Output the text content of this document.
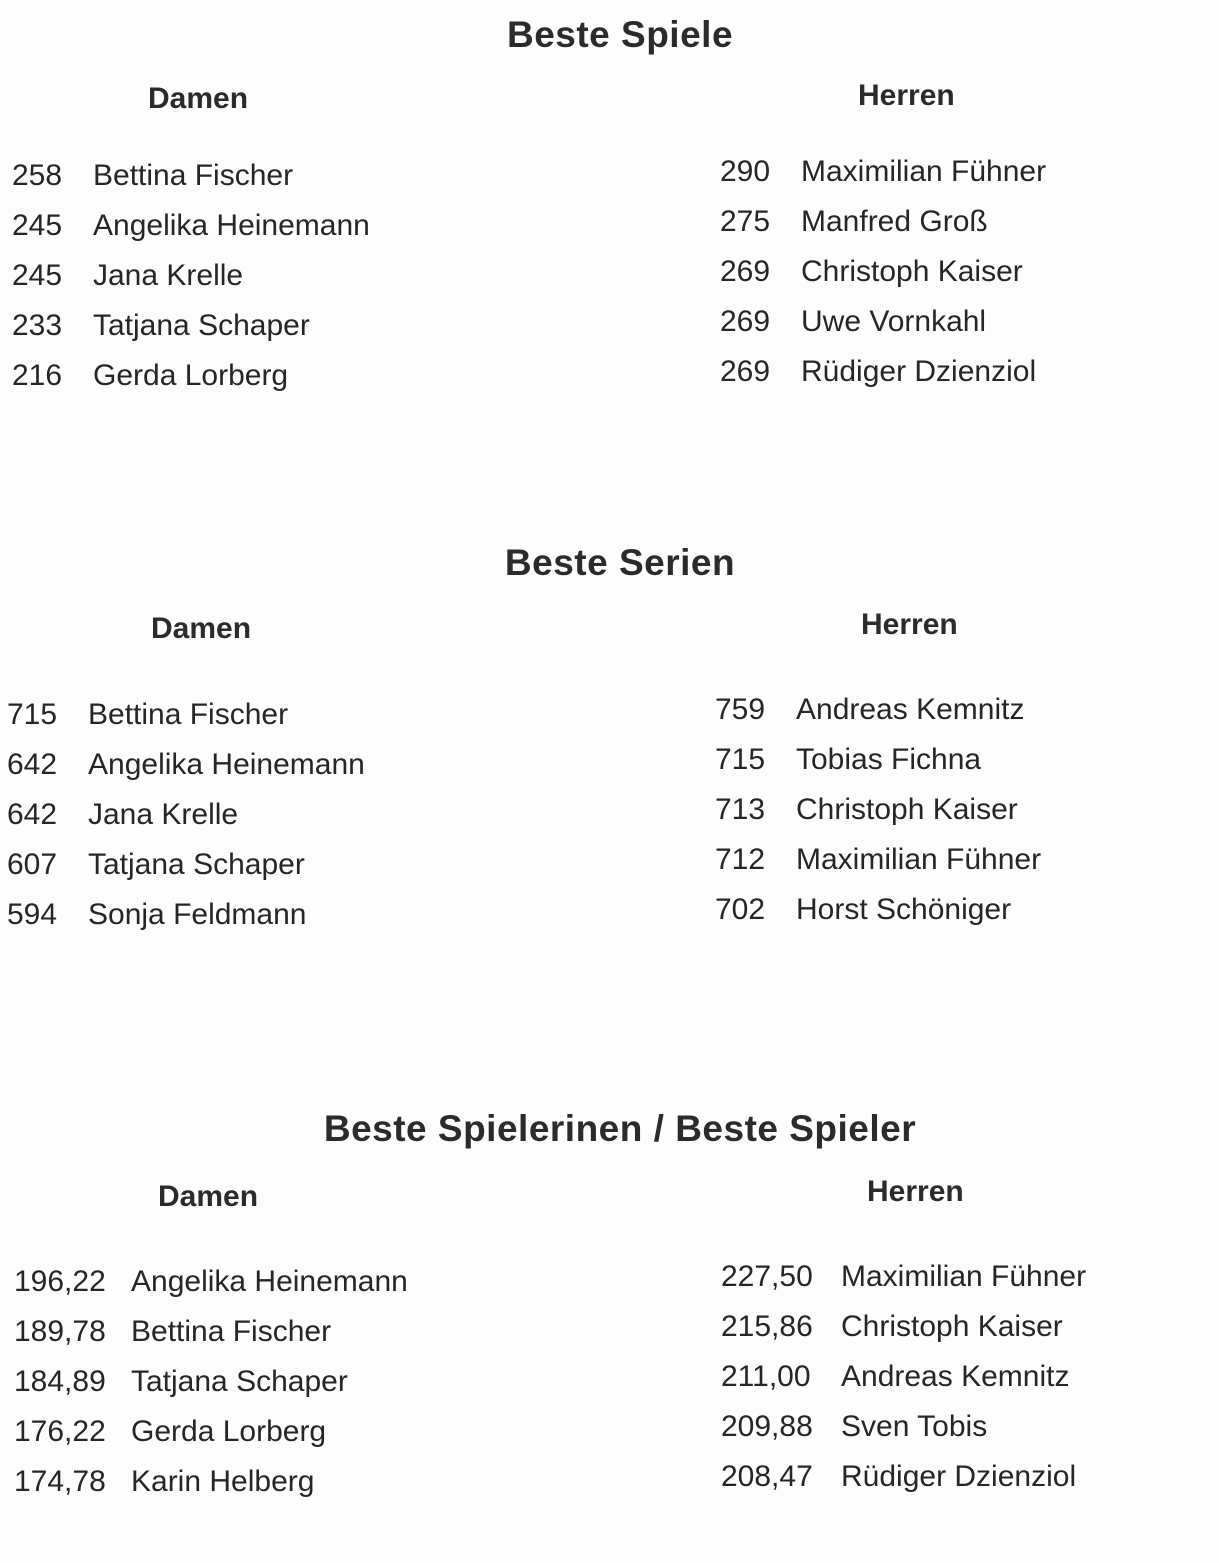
Beste Spiele
Damen	Herren
258 Bettina Fischer
245 Angelika Heinemann
245 Jana Krelle
233 Tatjana Schaper
216 Gerda Lorberg
290 Maximilian Fühner
275 Manfred Groß
269 Christoph Kaiser
269 Uwe Vornkahl
269 Rüdiger Dzienziol
Beste Serien
Damen	Herren
715 Bettina Fischer
642 Angelika Heinemann
642 Jana Krelle
607 Tatjana Schaper
594 Sonja Feldmann
759 Andreas Kemnitz
715 Tobias Fichna
713 Christoph Kaiser
712 Maximilian Fühner
702 Horst Schöniger
Beste Spielerinen / Beste Spieler
Damen	Herren
196,22 Angelika Heinemann
189,78 Bettina Fischer
184,89 Tatjana Schaper
176,22 Gerda Lorberg
174,78 Karin Helberg
227,50 Maximilian Fühner
215,86 Christoph Kaiser
211,00 Andreas Kemnitz
209,88 Sven Tobis
208,47 Rüdiger Dzienziol
